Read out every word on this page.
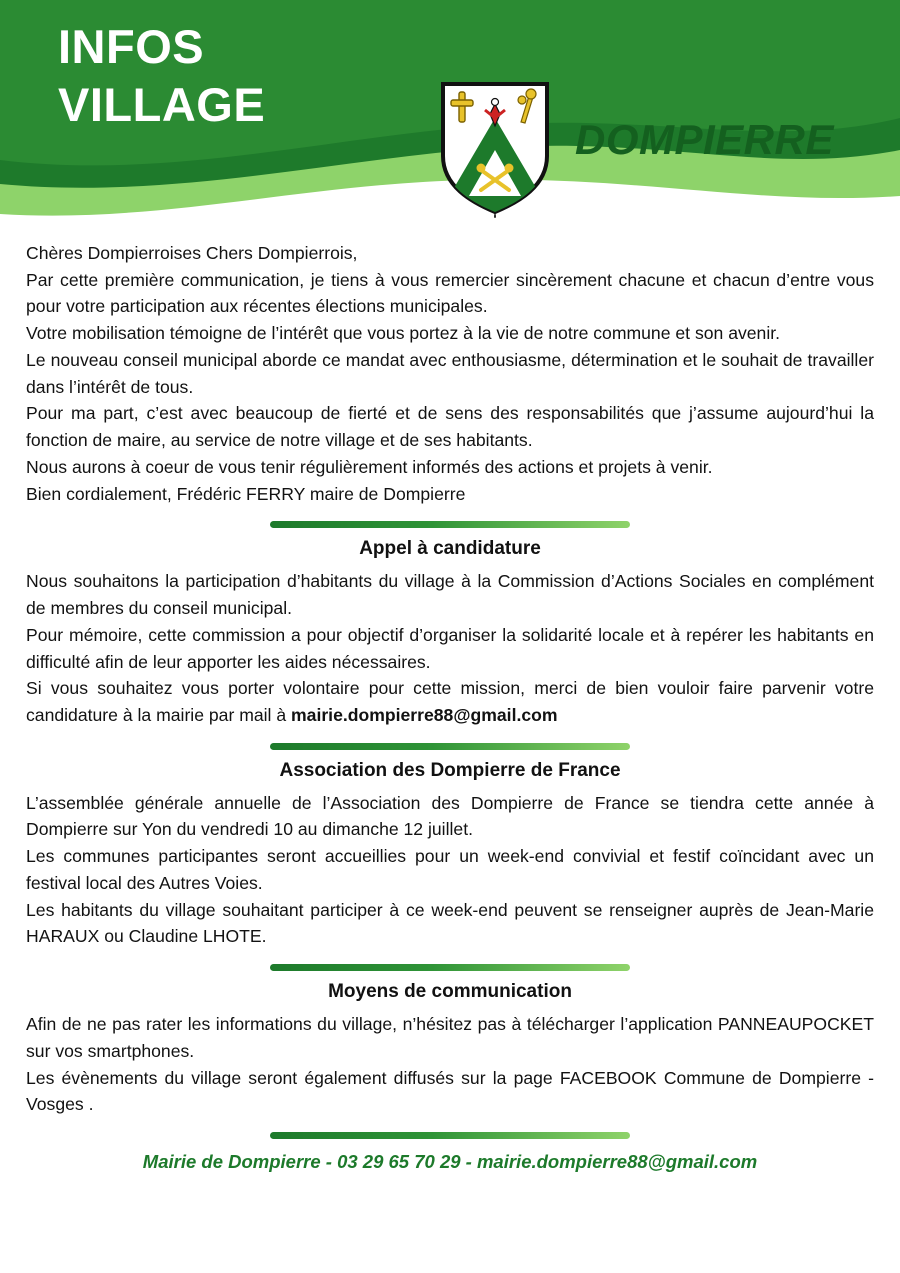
INFOS
VILLAGE
DOMPIERRE

Chères Dompierroises Chers Dompierrois,

Par cette première communication, je tiens à vous remercier sincèrement chacune et chacun d’entre vous pour votre participation aux récentes élections municipales.

Votre mobilisation témoigne de l’intérêt que vous portez à la vie de notre commune et son avenir.

Le nouveau conseil municipal aborde ce mandat avec enthousiasme, détermination et le souhait de travailler dans l’intérêt de tous.

Pour ma part, c’est avec beaucoup de fierté et de sens des responsabilités que j’assume aujourd’hui la fonction de maire, au service de notre village et de ses habitants.

Nous aurons à coeur de vous tenir régulièrement informés des actions et projets à venir.

Bien cordialement, Frédéric FERRY maire de Dompierre

Appel à candidature

Nous souhaitons la participation d’habitants du village à la Commission d’Actions Sociales en complément de membres du conseil municipal.

Pour mémoire, cette commission a pour objectif d’organiser la solidarité locale et à repérer les habitants en difficulté afin de leur apporter les aides nécessaires.

Si vous souhaitez vous porter volontaire pour cette mission, merci de bien vouloir faire parvenir votre candidature à la mairie par mail à mairie.dompierre88@gmail.com

Association des Dompierre de France

L’assemblée générale annuelle de l’Association des Dompierre de France se tiendra cette année à Dompierre sur Yon du vendredi 10 au dimanche 12 juillet.

Les communes participantes seront accueillies pour un week-end convivial et festif coïncidant avec un festival local des Autres Voies.

Les habitants du village souhaitant participer à ce week-end peuvent se renseigner auprès de Jean-Marie HARAUX ou Claudine LHOTE.

Moyens de communication

Afin de ne pas rater les informations du village, n’hésitez pas à télécharger l’application PANNEAUPOCKET sur vos smartphones.

Les évènements du village seront également diffusés sur la page FACEBOOK Commune de Dompierre - Vosges .

Mairie de Dompierre - 03 29 65 70 29 - mairie.dompierre88@gmail.com
